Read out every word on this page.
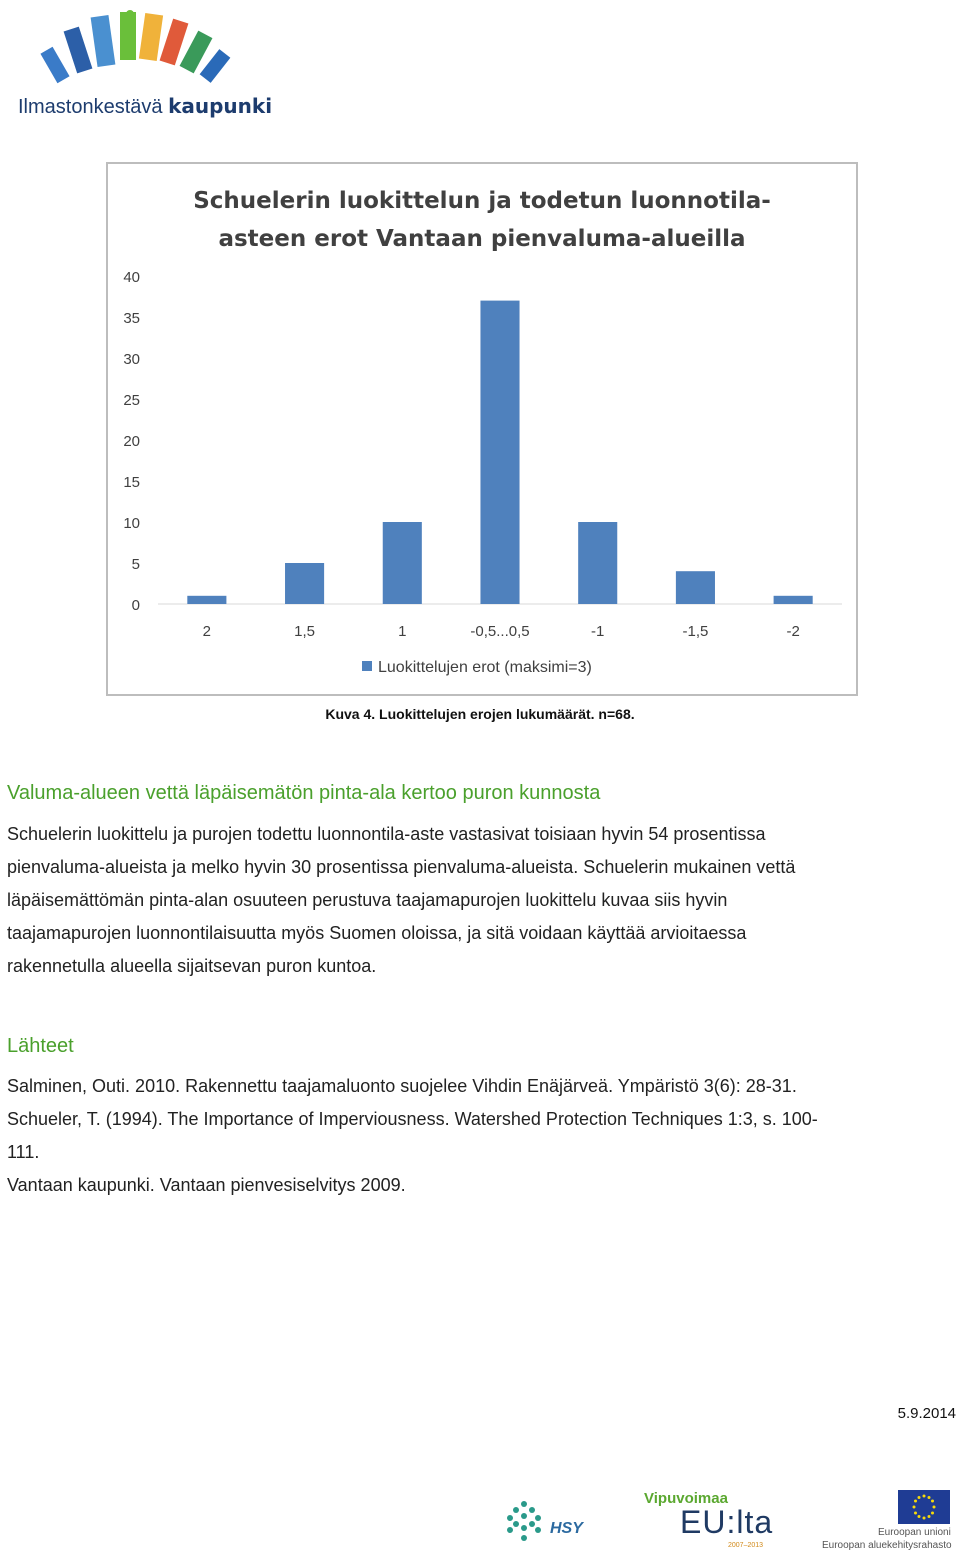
Ilmastonkestävä kaupunki
Schuelerin luokittelun ja todetun luonnotila-
asteen erot Vantaan pienvaluma-alueilla
0
5
10
15
20
25
30
35
40
2	1,5	1	-0,5...0,5	-1	-1,5	-2
Luokittelujen erot (maksimi=3)
Kuva 4. Luokittelujen erojen lukumäärät. n=68.
Valuma-alueen vettä läpäisemätön pinta-ala kertoo puron kunnosta
Schuelerin luokittelu ja purojen todettu luonnontila-aste vastasivat toisiaan hyvin 54 prosentissa
pienvaluma-alueista ja melko hyvin 30 prosentissa pienvaluma-alueista. Schuelerin mukainen vettä
läpäisemättömän pinta-alan osuuteen perustuva taajamapurojen luokittelu kuvaa siis hyvin
taajamapurojen luonnontilaisuutta myös Suomen oloissa, ja sitä voidaan käyttää arvioitaessa
rakennetulla alueella sijaitsevan puron kuntoa.
Lähteet

Salminen, Outi. 2010. Rakennettu taajamaluonto suojelee Vihdin Enäjärveä. Ympäristö 3(6): 28-31.

Schueler, T. (1994). The Importance of Imperviousness. Watershed Protection Techniques 1:3, s. 100-

111.

Vantaan kaupunki. Vantaan pienvesiselvitys 2009.

5.9.2014
HSY
Vipuvoimaa
EU:lta
2007–2013
Euroopan unioni
Euroopan aluekehitysrahasto
